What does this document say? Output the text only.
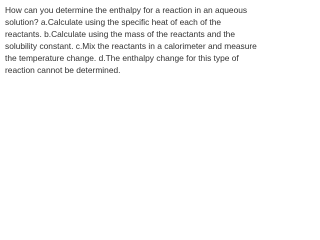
How can you determine the enthalpy for a reaction in an aqueous solution? a.Calculate using the specific heat of each of the reactants. b.Calculate using the mass of the reactants and the solubility constant. c.Mix the reactants in a calorimeter and measure the temperature change. d.The enthalpy change for this type of reaction cannot be determined.
